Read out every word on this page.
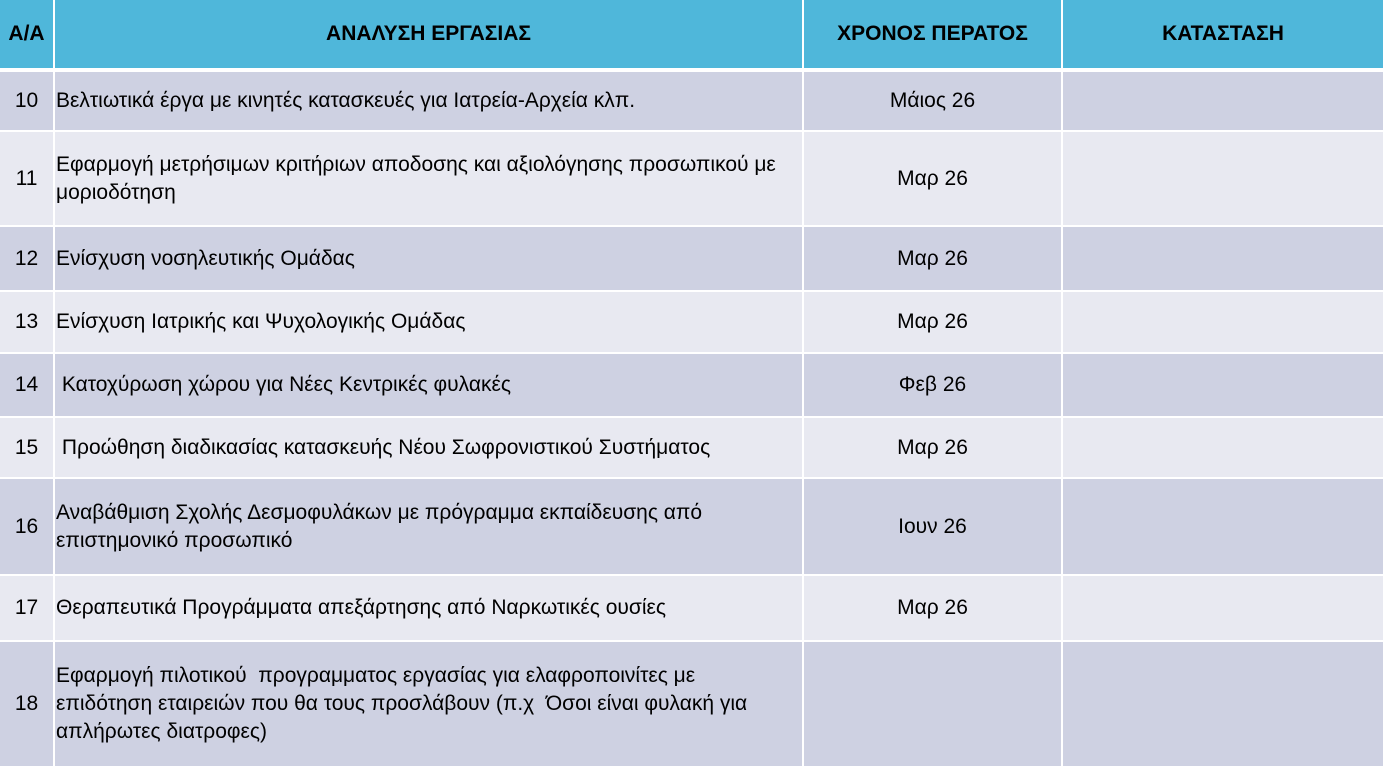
Α/Α	ΑΝΑΛΥΣΗ ΕΡΓΑΣΙΑΣ	ΧΡΟΝΟΣ ΠΕΡΑΤΟΣ	ΚΑΤΑΣΤΑΣΗ
10	Βελτιωτικά έργα με κινητές κατασκευές για Ιατρεία-Αρχεία κλπ.	Μάιος 26	
11	Εφαρμογή μετρήσιμων κριτήριων αποδοσης και αξιολόγησης προσωπικού με μοριοδότηση	Μαρ 26	
12	Ενίσχυση νοσηλευτικής Ομάδας	Μαρ 26	
13	Ενίσχυση Ιατρικής και Ψυχολογικής Ομάδας	Μαρ 26	
14	Κατοχύρωση χώρου για Νέες Κεντρικές φυλακές	Φεβ 26	
15	Προώθηση διαδικασίας κατασκευής Νέου Σωφρονιστικού Συστήματος	Μαρ 26	
16	Αναβάθμιση Σχολής Δεσμοφυλάκων με πρόγραμμα εκπαίδευσης από επιστημονικό προσωπικό	Ιουν 26	
17	Θεραπευτικά Προγράμματα απεξάρτησης από Ναρκωτικές ουσίες	Μαρ 26	
18	Εφαρμογή πιλοτικού  προγραμματος εργασίας για ελαφροποινίτες με επιδότηση εταιρειών που θα τους προσλάβουν (π.χ  Όσοι είναι φυλακή για απλήρωτες διατροφες)		
